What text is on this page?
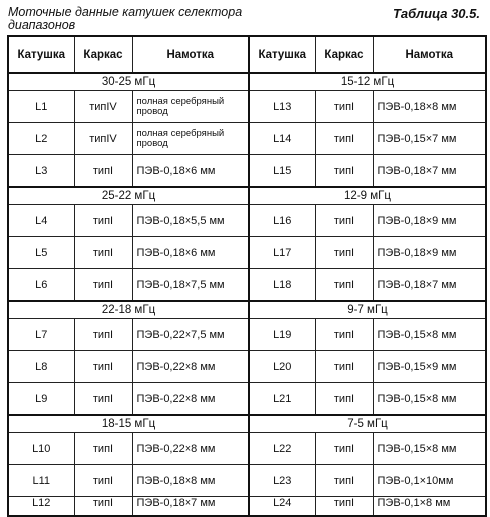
Моточные данные катушек селектора диапазонов
Таблица 30.5.
Катушка	Каркас	Намотка	Катушка	Каркас	Намотка
30-25 мГц			15-12 мГц		
L1	типIV	полная серебряный провод	L13	типI	ПЭВ-0,18×8 мм
L2	типIV	полная серебряный провод	L14	типI	ПЭВ-0,15×7 мм
L3	типI	ПЭВ-0,18×6 мм	L15	типI	ПЭВ-0,18×7 мм
25-22 мГц			12-9 мГц		
L4	типI	ПЭВ-0,18×5,5 мм	L16	типI	ПЭВ-0,18×9 мм
L5	типI	ПЭВ-0,18×6 мм	L17	типI	ПЭВ-0,18×9 мм
L6	типI	ПЭВ-0,18×7,5 мм	L18	типI	ПЭВ-0,18×7 мм
22-18 мГц			9-7 мГц		
L7	типI	ПЭВ-0,22×7,5 мм	L19	типI	ПЭВ-0,15×8 мм
L8	типI	ПЭВ-0,22×8 мм	L20	типI	ПЭВ-0,15×9 мм
L9	типI	ПЭВ-0,22×8 мм	L21	типI	ПЭВ-0,15×8 мм
18-15 мГц			7-5 мГц		
L10	типI	ПЭВ-0,22×8 мм	L22	типI	ПЭВ-0,15×8 мм
L11	типI	ПЭВ-0,18×8 мм	L23	типI	ПЭВ-0,1×10мм
L12	типI	ПЭВ-0,18×7 мм	L24	типI	ПЭВ-0,1×8 мм
